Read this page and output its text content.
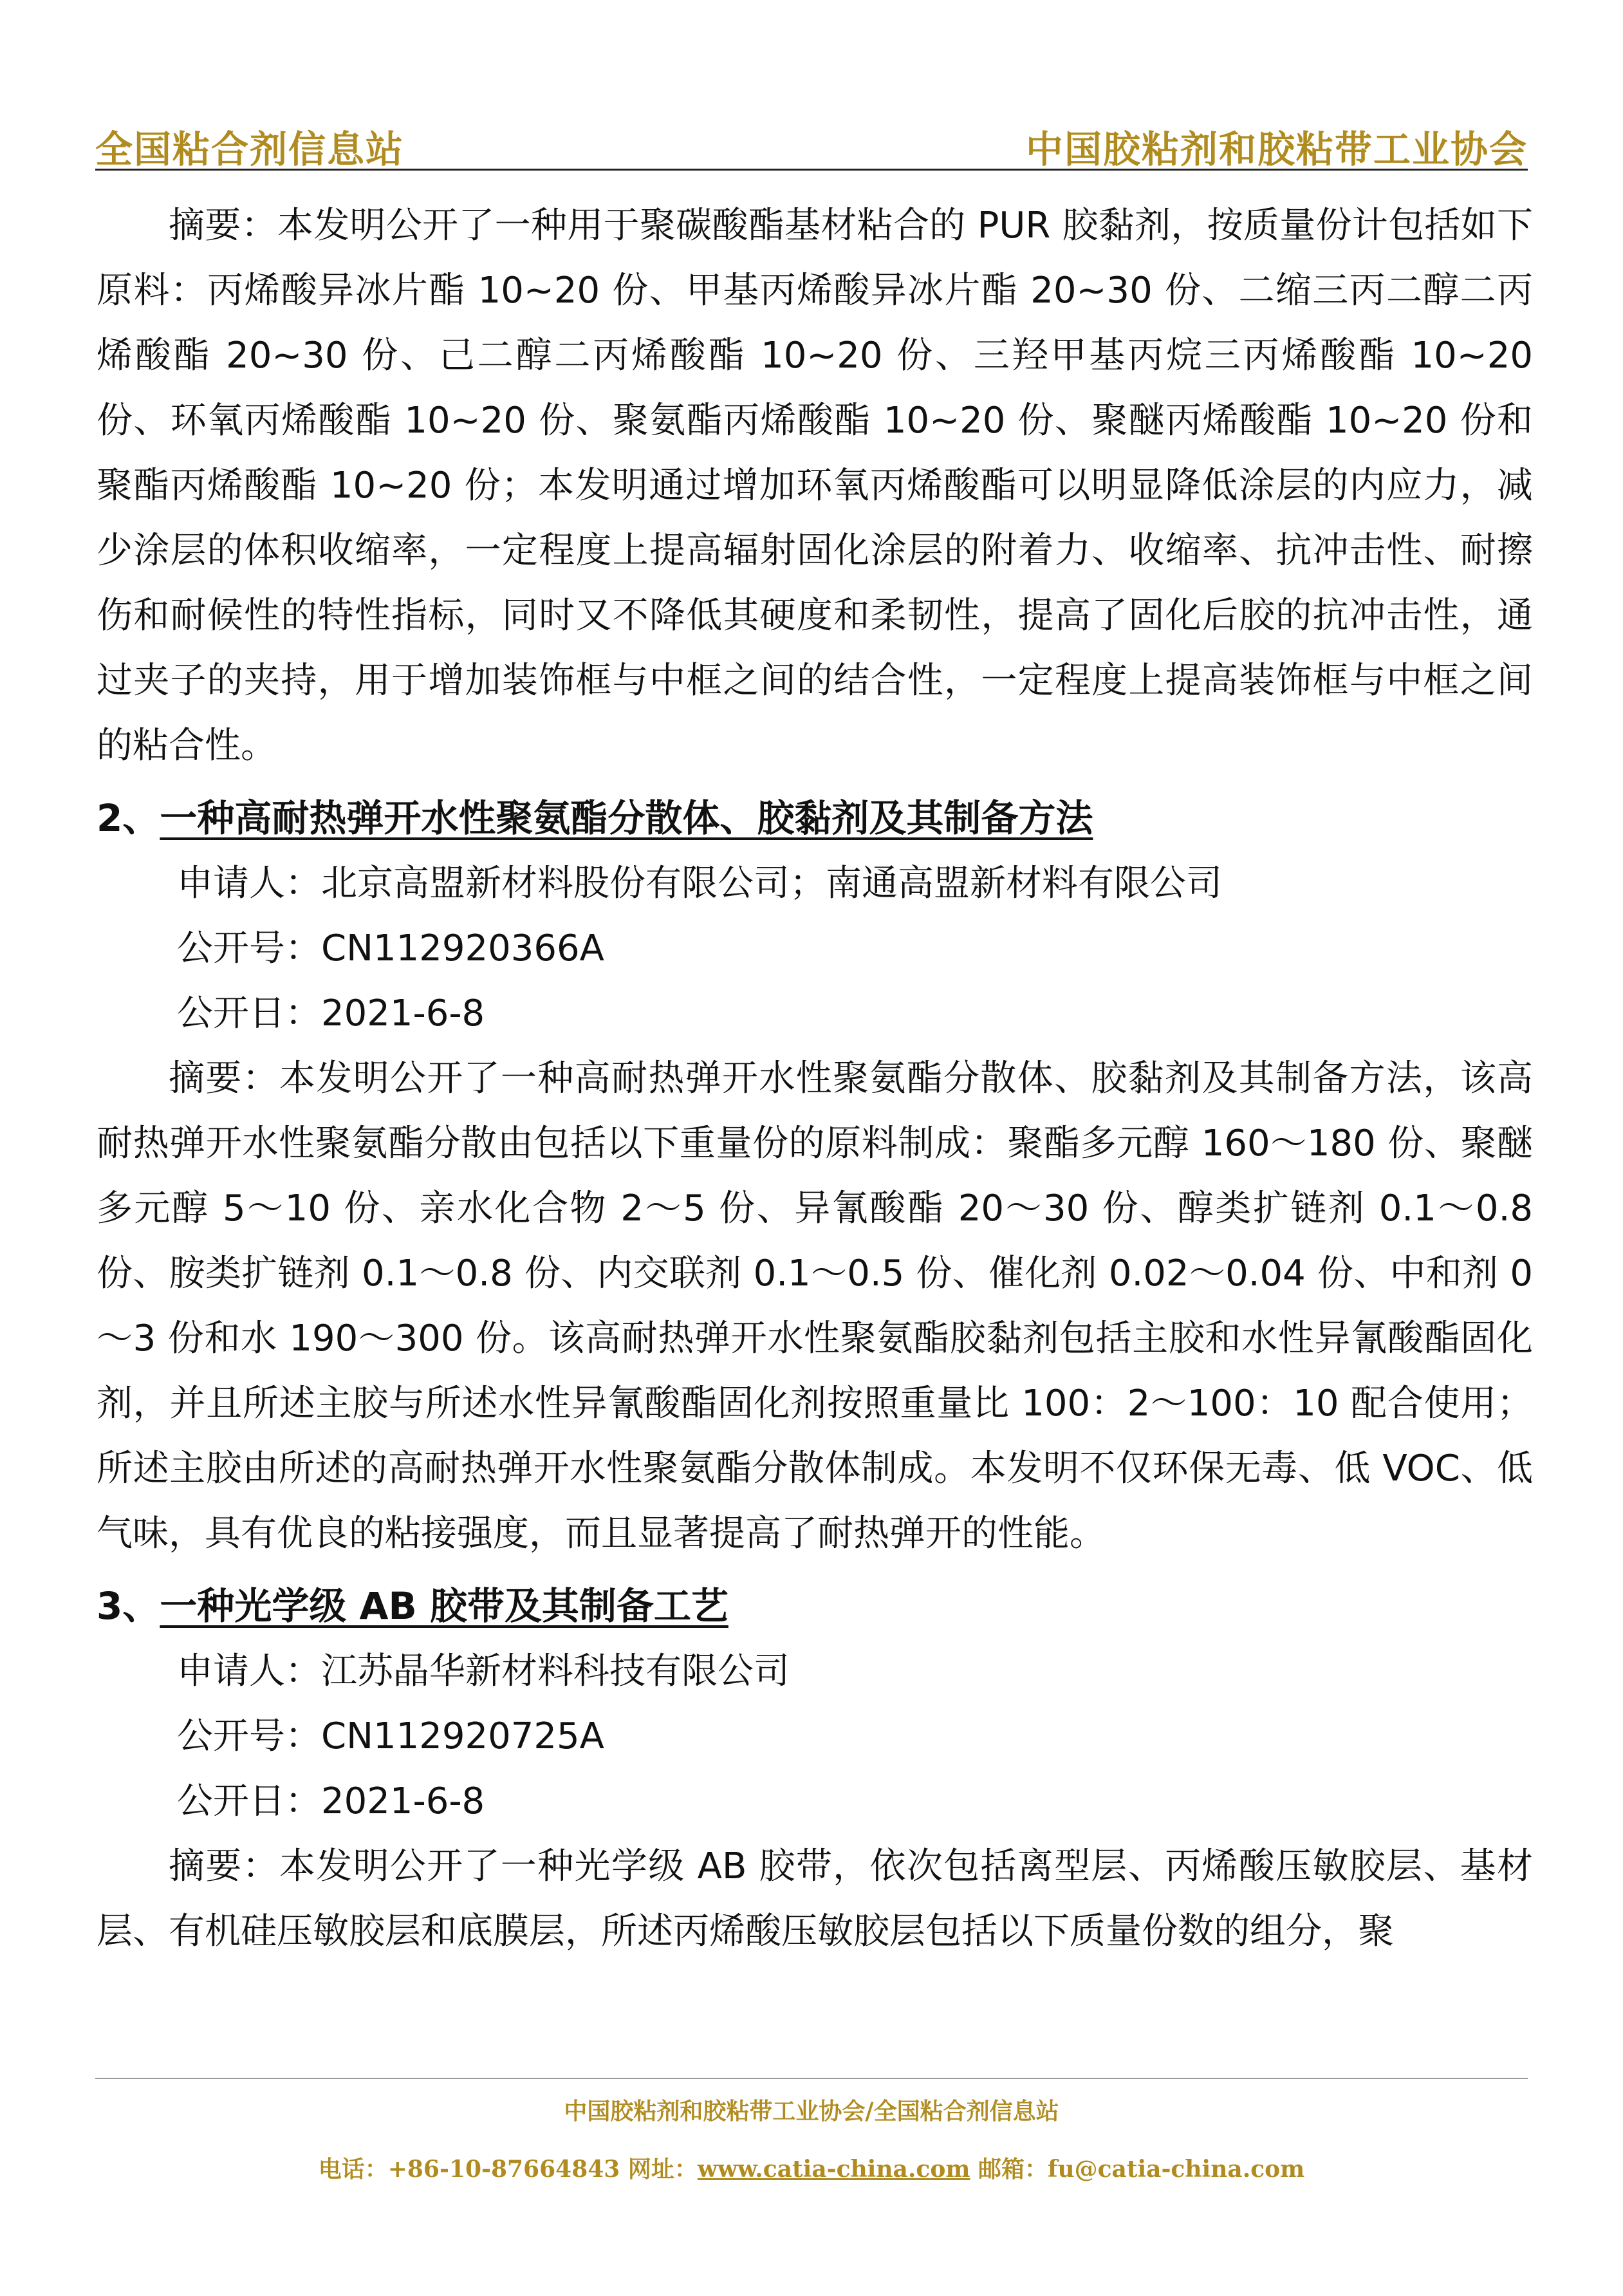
全国粘合剂信息站	中国胶粘剂和胶粘带工业协会

摘要：本发明公开了一种用于聚碳酸酯基材粘合的 PUR 胶黏剂，按质量份计包括如下原料：丙烯酸异冰片酯 10~20 份、甲基丙烯酸异冰片酯 20~30 份、二缩三丙二醇二丙烯酸酯 20~30 份、己二醇二丙烯酸酯 10~20 份、三羟甲基丙烷三丙烯酸酯 10~20 份、环氧丙烯酸酯 10~20 份、聚氨酯丙烯酸酯 10~20 份、聚醚丙烯酸酯 10~20 份和聚酯丙烯酸酯 10~20 份；本发明通过增加环氧丙烯酸酯可以明显降低涂层的内应力，减少涂层的体积收缩率，一定程度上提高辐射固化涂层的附着力、收缩率、抗冲击性、耐擦伤和耐候性的特性指标，同时又不降低其硬度和柔韧性，提高了固化后胶的抗冲击性，通过夹子的夹持，用于增加装饰框与中框之间的结合性，一定程度上提高装饰框与中框之间的粘合性。

2、一种高耐热弹开水性聚氨酯分散体、胶黏剂及其制备方法
申请人：北京高盟新材料股份有限公司；南通高盟新材料有限公司
公开号：CN112920366A
公开日：2021-6-8

摘要：本发明公开了一种高耐热弹开水性聚氨酯分散体、胶黏剂及其制备方法，该高耐热弹开水性聚氨酯分散由包括以下重量份的原料制成：聚酯多元醇 160～180 份、聚醚多元醇 5～10 份、亲水化合物 2～5 份、异氰酸酯 20～30 份、醇类扩链剂 0.1～0.8 份、胺类扩链剂 0.1～0.8 份、内交联剂 0.1～0.5 份、催化剂 0.02～0.04 份、中和剂 0～3 份和水 190～300 份。该高耐热弹开水性聚氨酯胶黏剂包括主胶和水性异氰酸酯固化剂，并且所述主胶与所述水性异氰酸酯固化剂按照重量比 100：2～100：10 配合使用；所述主胶由所述的高耐热弹开水性聚氨酯分散体制成。本发明不仅环保无毒、低 VOC、低气味，具有优良的粘接强度，而且显著提高了耐热弹开的性能。

3、一种光学级 AB 胶带及其制备工艺
申请人：江苏晶华新材料科技有限公司
公开号：CN112920725A
公开日：2021-6-8

摘要：本发明公开了一种光学级 AB 胶带，依次包括离型层、丙烯酸压敏胶层、基材层、有机硅压敏胶层和底膜层，所述丙烯酸压敏胶层包括以下质量份数的组分，聚

中国胶粘剂和胶粘带工业协会/全国粘合剂信息站
电话：+86-10-87664843 网址：www.catia-china.com 邮箱：fu@catia-china.com
